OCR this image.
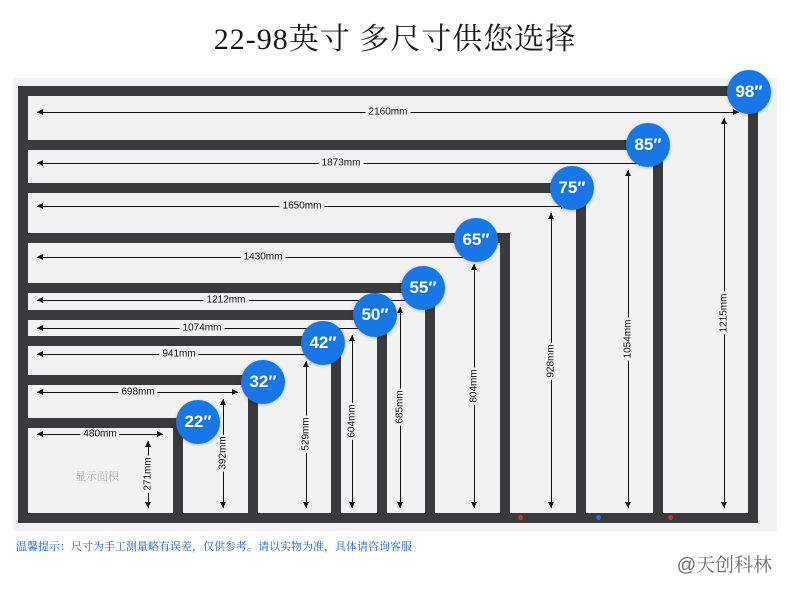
22-98英寸 多尺寸供您选择
2160mm
1873mm
1650mm
1430mm
1212mm
1074mm
941mm
698mm
480mm
1215mm
1054mm
928mm
804mm
685mm
604mm
529mm
392mm
271mm
显示面积
98″
85″
75″
65″
55″
50″
42″
32″
22″
温馨提示：尺寸为手工测量略有误差，仅供参考。请以实物为准，具体请咨询客服
@天创科林
